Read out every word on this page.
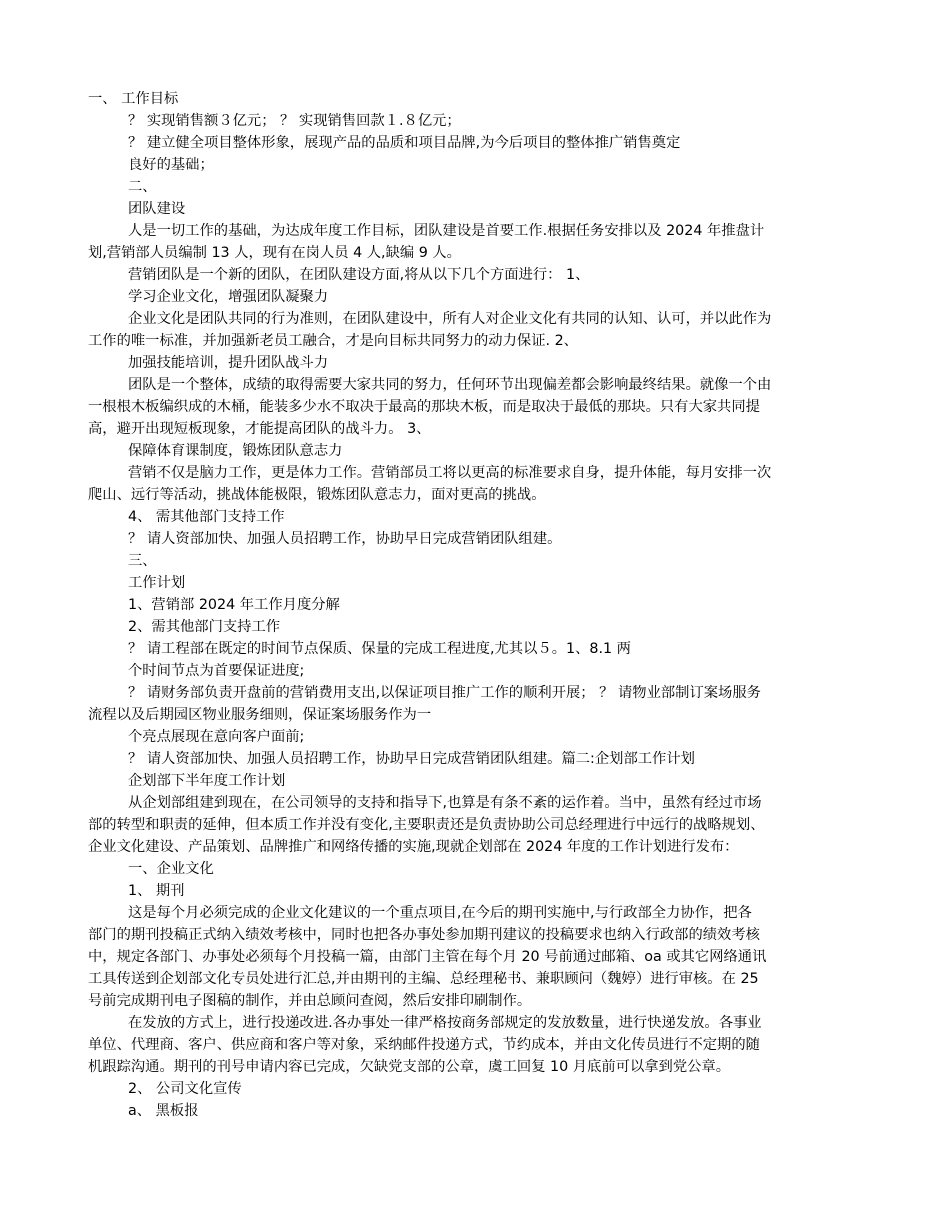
一、 工作目标
？ 实现销售额３亿元； ？ 实现销售回款１.８亿元；
？ 建立健全项目整体形象，展现产品的品质和项目品牌,为今后项目的整体推广销售奠定
良好的基础；
二、
团队建设
人是一切工作的基础，为达成年度工作目标，团队建设是首要工作.根据任务安排以及 2024 年推盘计
划,营销部人员编制 13 人，现有在岗人员 4 人,缺编 9 人。
营销团队是一个新的团队，在团队建设方面,将从以下几个方面进行： 1、
学习企业文化，增强团队凝聚力
企业文化是团队共同的行为准则，在团队建设中，所有人对企业文化有共同的认知、认可，并以此作为
工作的唯一标准，并加强新老员工融合，才是向目标共同努力的动力保证. 2、
加强技能培训，提升团队战斗力
团队是一个整体，成绩的取得需要大家共同的努力，任何环节出现偏差都会影响最终结果。就像一个由
一根根木板编织成的木桶，能装多少水不取决于最高的那块木板，而是取决于最低的那块。只有大家共同提
高，避开出现短板现象，才能提高团队的战斗力。 3、
保障体育课制度，锻炼团队意志力
营销不仅是脑力工作，更是体力工作。营销部员工将以更高的标准要求自身，提升体能，每月安排一次
爬山、远行等活动，挑战体能极限，锻炼团队意志力，面对更高的挑战。
4、 需其他部门支持工作
？ 请人资部加快、加强人员招聘工作，协助早日完成营销团队组建。
三、
工作计划
1、营销部 2024 年工作月度分解
2、需其他部门支持工作
？ 请工程部在既定的时间节点保质、保量的完成工程进度,尤其以５。1、8.1 两
个时间节点为首要保证进度;
？ 请财务部负责开盘前的营销费用支出,以保证项目推广工作的顺利开展； ？ 请物业部制订案场服务
流程以及后期园区物业服务细则，保证案场服务作为一
个亮点展现在意向客户面前;
？ 请人资部加快、加强人员招聘工作，协助早日完成营销团队组建。篇二:企划部工作计划
企划部下半年度工作计划
从企划部组建到现在，在公司领导的支持和指导下,也算是有条不紊的运作着。当中，虽然有经过市场
部的转型和职责的延伸，但本质工作并没有变化,主要职责还是负责协助公司总经理进行中远行的战略规划、
企业文化建设、产品策划、品牌推广和网络传播的实施,现就企划部在 2024 年度的工作计划进行发布：
一、企业文化
1、 期刊
这是每个月必须完成的企业文化建议的一个重点项目,在今后的期刊实施中,与行政部全力协作，把各
部门的期刊投稿正式纳入绩效考核中，同时也把各办事处参加期刊建议的投稿要求也纳入行政部的绩效考核
中，规定各部门、办事处必须每个月投稿一篇，由部门主管在每个月 20 号前通过邮箱、oa 或其它网络通讯
工具传送到企划部文化专员处进行汇总,并由期刊的主编、总经理秘书、兼职顾问（魏婷）进行审核。在 25
号前完成期刊电子图稿的制作，并由总顾问查阅，然后安排印刷制作。
在发放的方式上，进行投递改进.各办事处一律严格按商务部规定的发放数量，进行快递发放。各事业
单位、代理商、客户、供应商和客户等对象，采纳邮件投递方式，节约成本，并由文化传员进行不定期的随
机跟踪沟通。期刊的刊号申请内容已完成，欠缺党支部的公章，虞工回复 10 月底前可以拿到党公章。
2、 公司文化宣传
a、 黑板报
